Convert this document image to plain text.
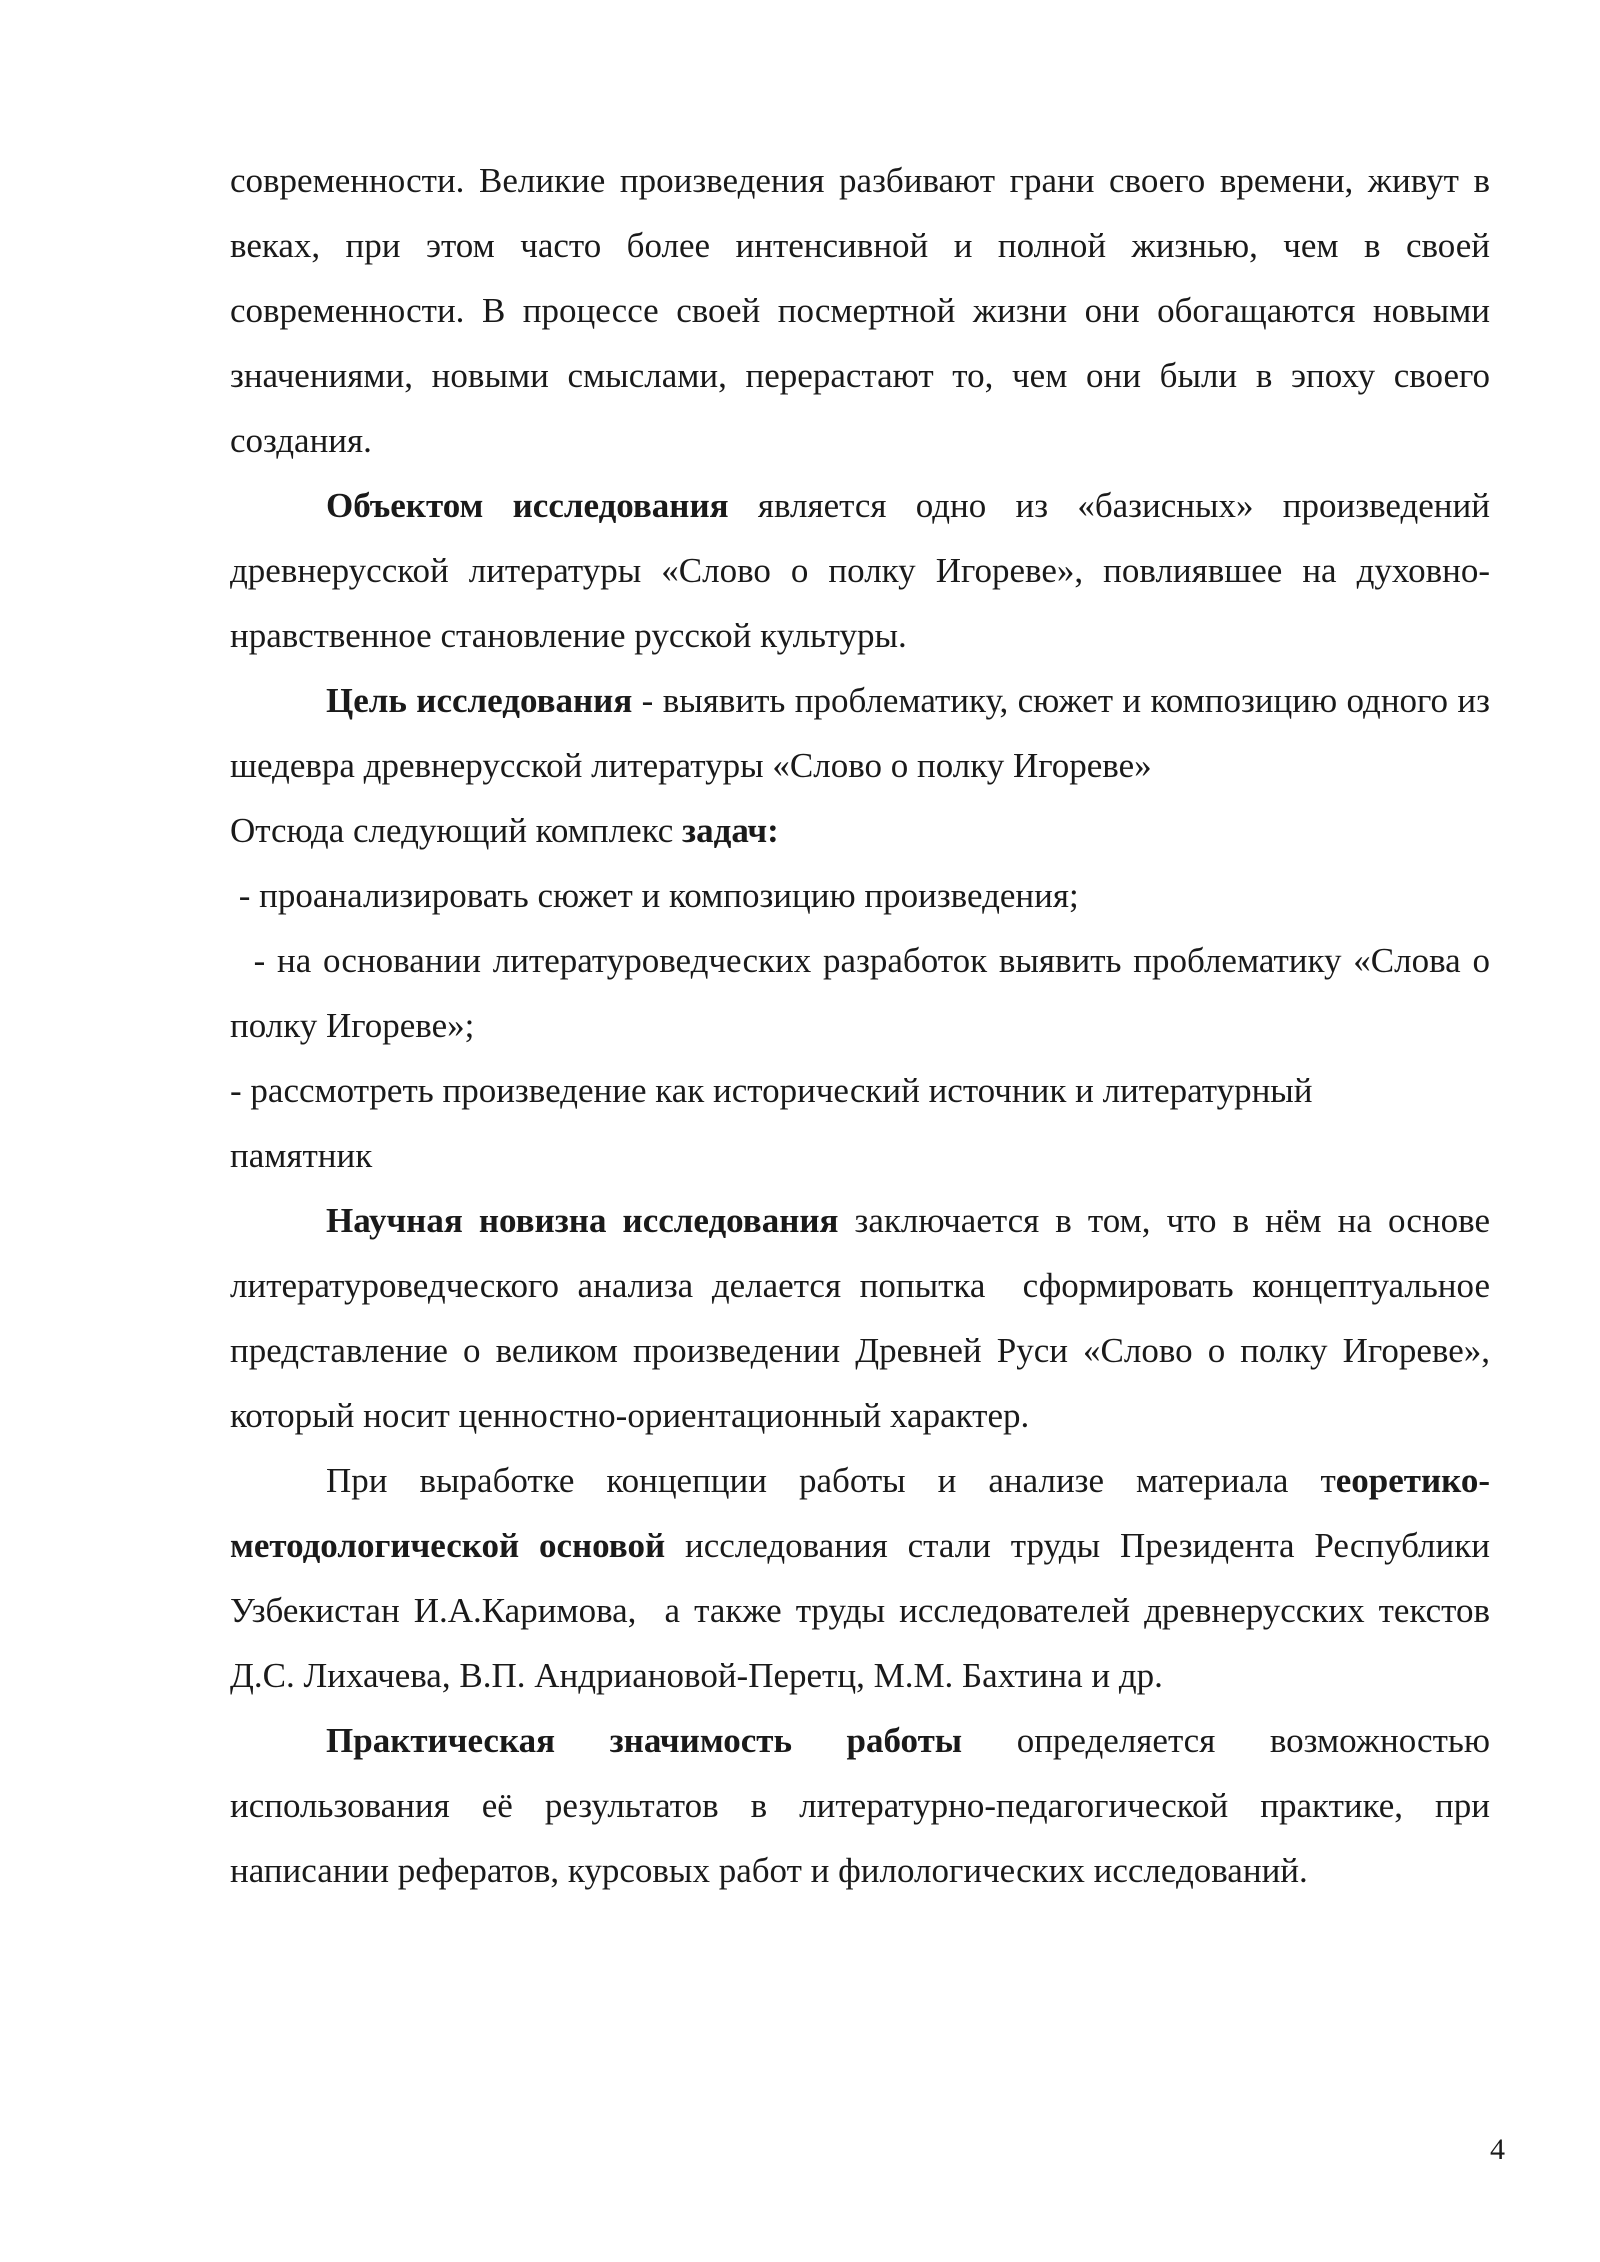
современности. Великие произведения разбивают грани своего времени, живут в веках, при этом часто более интенсивной и полной жизнью, чем в своей современности. В процессе своей посмертной жизни они обогащаются новыми значениями, новыми смыслами, перерастают то, чем они были в эпоху своего создания.

Объектом исследования является одно из «базисных» произведений древнерусской литературы «Слово о полку Игореве», повлиявшее на духовно-нравственное становление русской культуры.

Цель исследования - выявить проблематику, сюжет и композицию одного из шедевра древнерусской литературы «Слово о полку Игореве»

Отсюда следующий комплекс задач:

- проанализировать сюжет и композицию произведения;

- на основании литературоведческих разработок выявить проблематику «Слова о полку Игореве»;

- рассмотреть произведение как исторический источник и литературный памятник

Научная новизна исследования заключается в том, что в нём на основе литературоведческого анализа делается попытка  сформировать концептуальное представление о великом произведении Древней Руси «Слово о полку Игореве», который носит ценностно-ориентационный характер.

При выработке концепции работы и анализе материала теоретико-методологической основой исследования стали труды Президента Республики Узбекистан И.А.Каримова,  а также труды исследователей древнерусских текстов Д.С. Лихачева, В.П. Андриановой-Перетц, М.М. Бахтина и др.

Практическая значимость работы определяется возможностью использования её результатов в литературно-педагогической практике, при написании рефератов, курсовых работ и филологических исследований.

4
